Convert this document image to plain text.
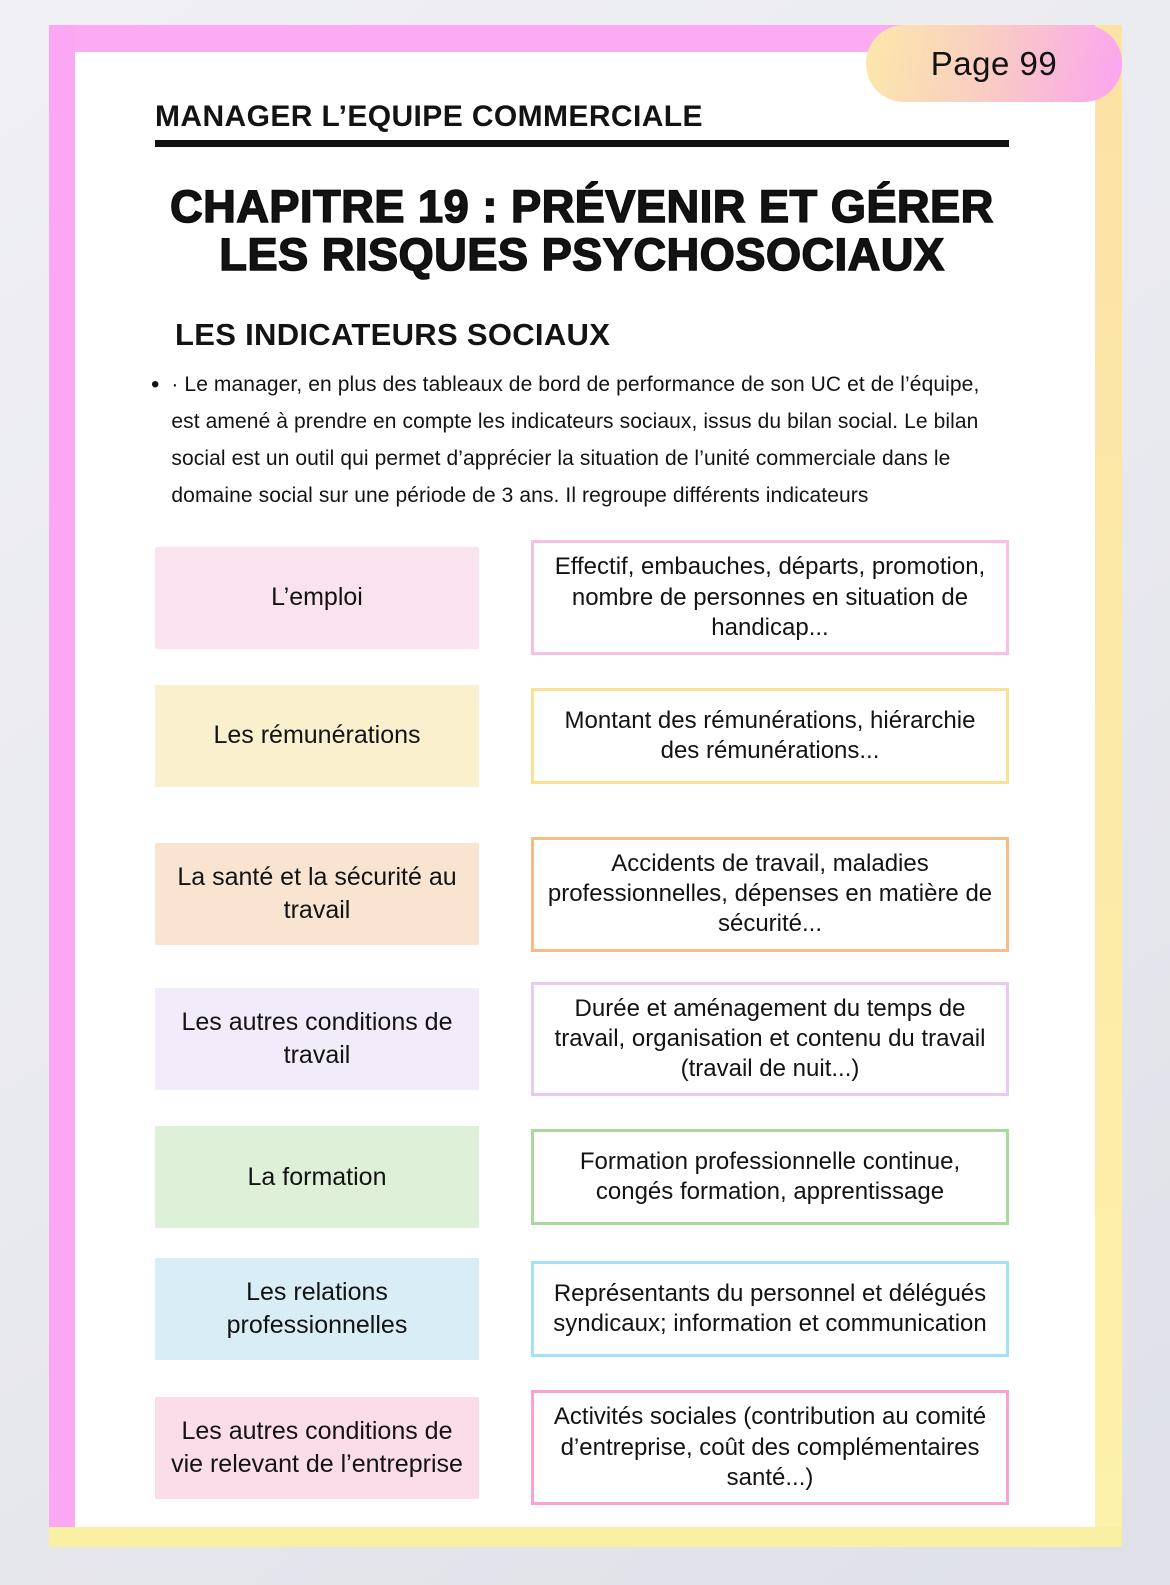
MANAGER L’EQUIPE COMMERCIALE
CHAPITRE 19 : PRÉVENIR ET GÉRER
LES RISQUES PSYCHOSOCIAUX
LES INDICATEURS SOCIAUX
• · Le manager, en plus des tableaux de bord de performance de son UC et de l’équipe, est amené à prendre en compte les indicateurs sociaux, issus du bilan social. Le bilan social est un outil qui permet d’apprécier la situation de l’unité commerciale dans le domaine social sur une période de 3 ans. Il regroupe différents indicateurs
L’emploi
Effectif, embauches, départs, promotion, nombre de personnes en situation de handicap...
Les rémunérations
Montant des rémunérations, hiérarchie des rémunérations...
La santé et la sécurité au travail
Accidents de travail, maladies professionnelles, dépenses en matière de sécurité...
Les autres conditions de travail
Durée et aménagement du temps de travail, organisation et contenu du travail (travail de nuit...)
La formation
Formation professionnelle continue, congés formation, apprentissage
Les relations professionnelles
Représentants du personnel et délégués syndicaux; information et communication
Les autres conditions de vie relevant de l’entreprise
Activités sociales (contribution au comité d’entreprise, coût des complémentaires santé...)
Page 99
